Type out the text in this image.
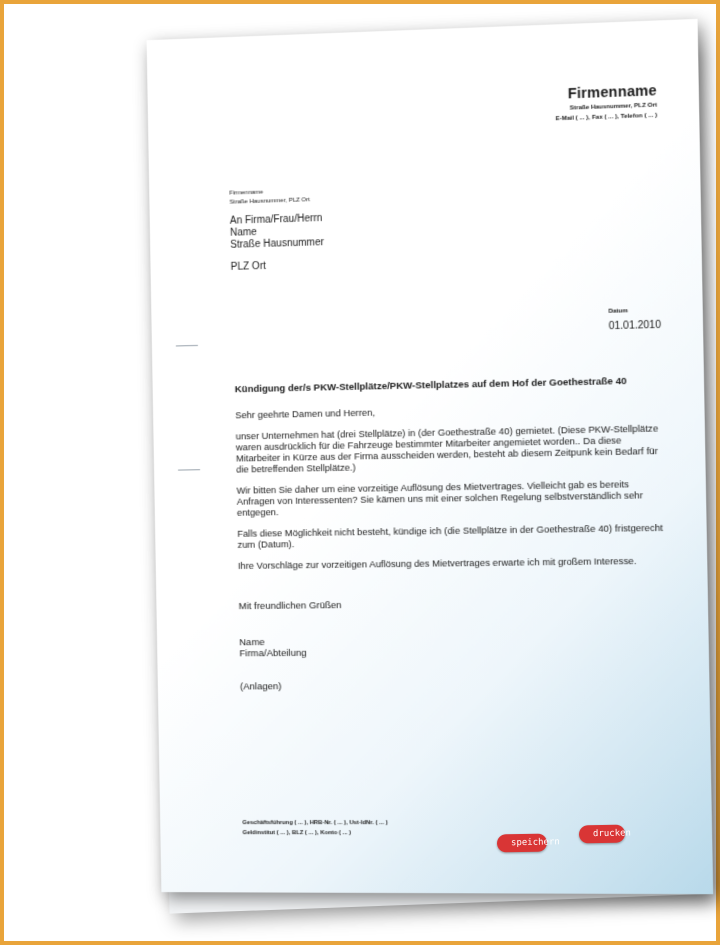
Firmenname
Straße Hausnummer, PLZ Ort
E-Mail ( ... ), Fax ( ... ), Telefon ( ... )
Firmenname
Straße Hausnummer, PLZ Ort
An Firma/Frau/Herrn
Name
Straße Hausnummer
PLZ Ort
Datum
01.01.2010
Kündigung der/s PKW-Stellplätze/PKW-Stellplatzes auf dem Hof der Goethestraße 40

Sehr geehrte Damen und Herren,

unser Unternehmen hat (drei Stellplätze) in (der Goethestraße 40) gemietet. (Diese PKW-Stellplätze waren ausdrücklich für die Fahrzeuge bestimmter Mitarbeiter angemietet worden.. Da diese Mitarbeiter in Kürze aus der Firma ausscheiden werden, besteht ab diesem Zeitpunk kein Bedarf für die betreffenden Stellplätze.)

Wir bitten Sie daher um eine vorzeitige Auflösung des Mietvertrages. Vielleicht gab es bereits Anfragen von Interessenten? Sie kämen uns mit einer solchen Regelung selbstverständlich sehr entgegen.

Falls diese Möglichkeit nicht besteht, kündige ich (die Stellplätze in der Goethestraße 40) fristgerecht zum (Datum).

Ihre Vorschläge zur vorzeitigen Auflösung des Mietvertrages erwarte ich mit großem Interesse.

Mit freundlichen Grüßen
Name
Firma/Abteilung
(Anlagen)
Geschäftsführung ( ... ), HRB-Nr. ( ... ), Ust-IdNr. ( ... )
Geldinstitut ( ... ), BLZ ( ... ), Konto ( ... )
speichern
drucken
